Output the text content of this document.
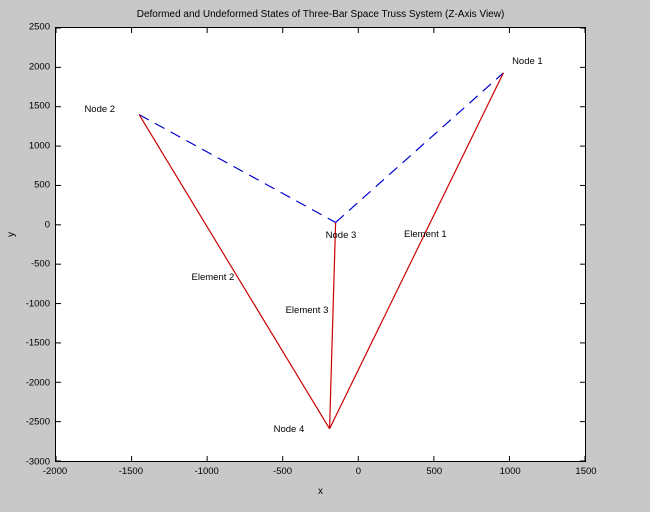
Deformed and Undeformed States of Three-Bar Space Truss System (Z-Axis View)
x
y
-2000	-1500	-1000	-500	0	500	1000	1500
-3000
-2500
-2000
-1500
-1000
-500
0
500
1000
1500
2000
2500
Node 1
Node 2
Node 3
Node 4
Element 1
Element 2
Element 3
